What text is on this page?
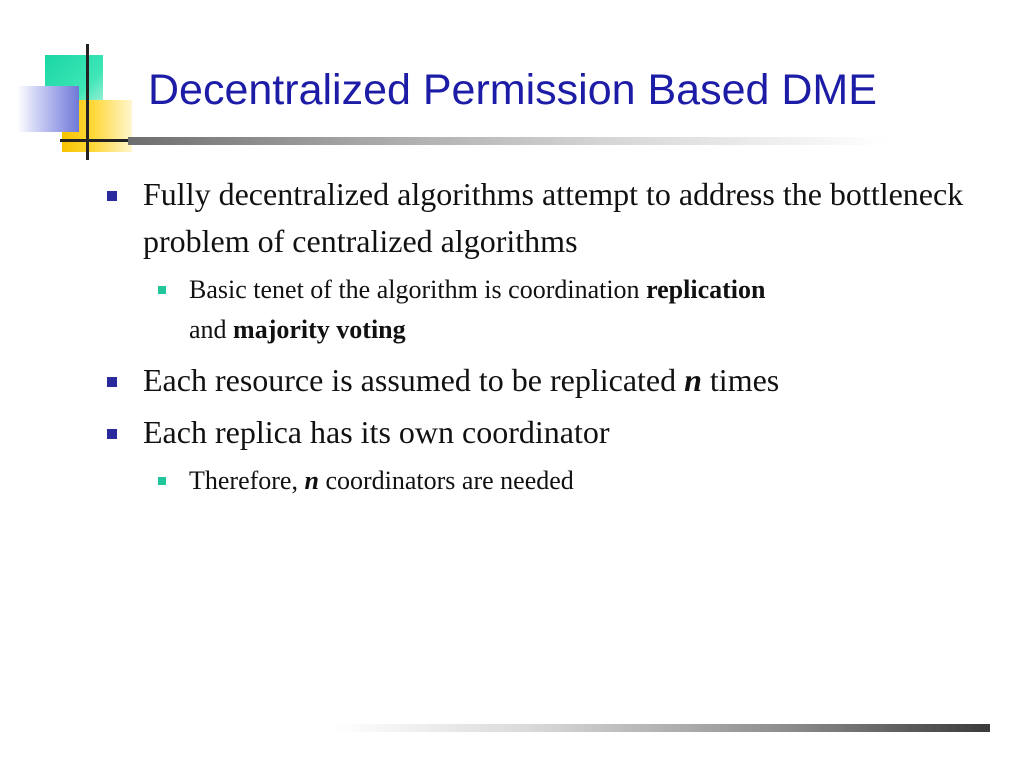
Decentralized Permission Based DME
Fully decentralized algorithms attempt to address the bottleneck problem of centralized algorithms
Basic tenet of the algorithm is coordination replication
and majority voting
Each resource is assumed to be replicated n times
Each replica has its own coordinator
Therefore, n coordinators are needed
